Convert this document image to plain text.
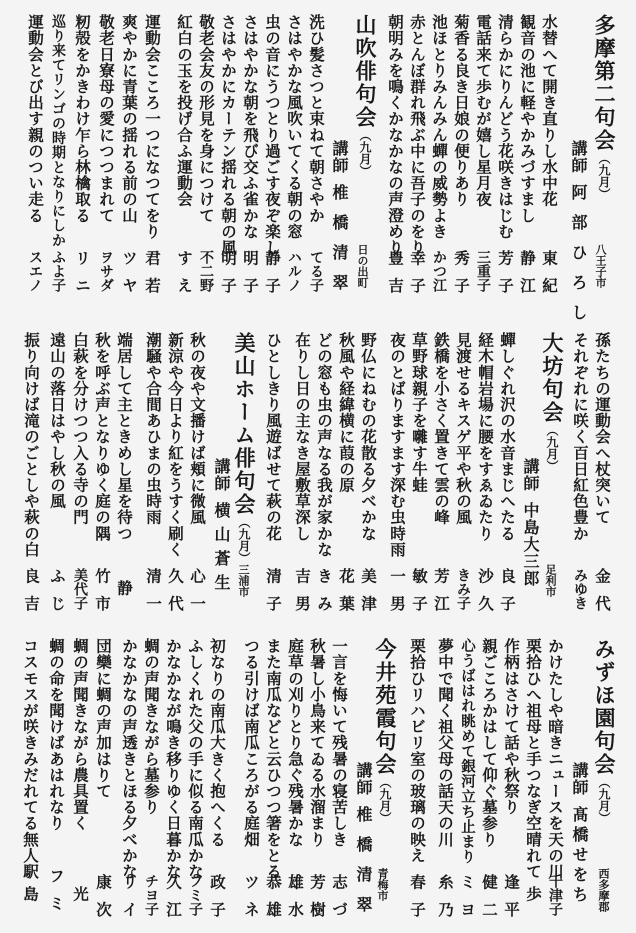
多摩第二句会（九月）
講師阿部ひろし 八王子市
水替へて開き直りし水中花
東紀
観音の池に軽やかみづすまし
静江
清らかにりんどう花咲きはじむ
芳子
電話来て歩むが嬉し星月夜
三重子
菊香る良き日娘の便りあり
秀子
池ほとりみんみん蟬の威勢よき
かつ江
赤とんぼ群れ飛ぶ中に吾子のをり
幸子
朝明みを鳴くかなかなの声澄めり
豊吉
山吹俳句会（九月）
講師椎橋清翠 日の出町
洗ひ髪さつと束ねて朝さやか
てる子
さはやかな風吹いてくる朝の窓
ハルノ
虫の音にうつとり過ごす夜ぞ楽し
静子
さはやかな朝を飛び交ふ雀かな
明子
さはやかにカーテン揺れる朝の風
明子
敬老会友の形見を身につけて
不二野
紅白の玉を投げ合ふ運動会
すえ
運動会こころ一つになつてをり
君若
爽やかに青葉の揺れる前の山
ツヤ
敬老日寮母の愛につつまれて
ヲサダ
籾殻をかきわけ乍ら林檎取る
リニ
巡り来てリンゴの時期となりにしか
ふよ子
運動会とび出す親のつい走る
スエノ
孫たちの運動会へ杖突いて
金代
それぞれに咲く百日紅色豊か
みゆき
大坊句会（九月）
講師中島大三郎 足利市
蟬しぐれ沢の水音まじへたる
良子
経木帽岩場に腰をすゑゐたり
沙久
見渡せるキスゲ平や秋の風
きみ子
鉄橋を小さく置きて雲の峰
芳江
草野球親子を囃す牛蛙
敏子
夜のとばりますます深む虫時雨
一男
野仏にねむの花散る夕べかな
美津
秋風や経緯横に葭の原
花葉
どの窓も虫の声なる我が家かな
きみ
在りし日の主なき屋敷草深し
吉男
ひとしきり風遊ばせて萩の花
清子
美山ホーム俳句会（九月）
講師横山蒼生 三浦市
秋の夜や文播けば頬に微風
心一
新涼や今日より紅をうすく刷く
久代
潮騒や合間あひまの虫時雨
清一
端居して主ときめし星を待つ
静
秋を呼ぶ声となりゆく庭の隅
竹市
白萩を分けつつ入る寺の門
美代子
遠山の落日はやし秋の風
ふじ
振り向けば滝のごとしや萩の白
良吉
みずほ園句会（九月）
講師髙橋せをち 西多摩郡
かけたしや暗きニュースを天の川
千津子
栗拾ひへ祖母と手つなぎ空晴れて
歩
作柄はさけて話や秋祭り
逢平
親ごころかはして仰ぐ墓参り
健二
心うばはれ眺めて銀河立ち止まり
ミヨ
夢中で聞く祖父母の話天の川
糸乃
栗拾ひリハビリ室の玻璃の映え
春子
今井苑霞句会（九月）
講師椎橋清翠 青梅市
一言を悔いて残暑の寝苦しき
志づ
秋暑し小鳥来てゐる水溜まり
芳樹
庭草の刈りとり急ぐ残暑かな
雄水
また南瓜などと云ひつつ箸をとる
恭雄
つる引けば南瓜ころがる庭畑
ツネ
初なりの南瓜大きく抱へくる
政子
ふしくれた父の手に似る南瓜かな
フミ子
かなかなが鳴き移りゆく日暮かな
久江
蜩の声聞きながら墓参り
チヨ子
かなかなの声透きとほる夕べかな
リイ
団欒に蜩の声加はりて
康次
蜩の声聞きながら農具置く
光
蜩の命を聞けばあはれなり
フミ
コスモスが咲きみだれてる無人駅
島
